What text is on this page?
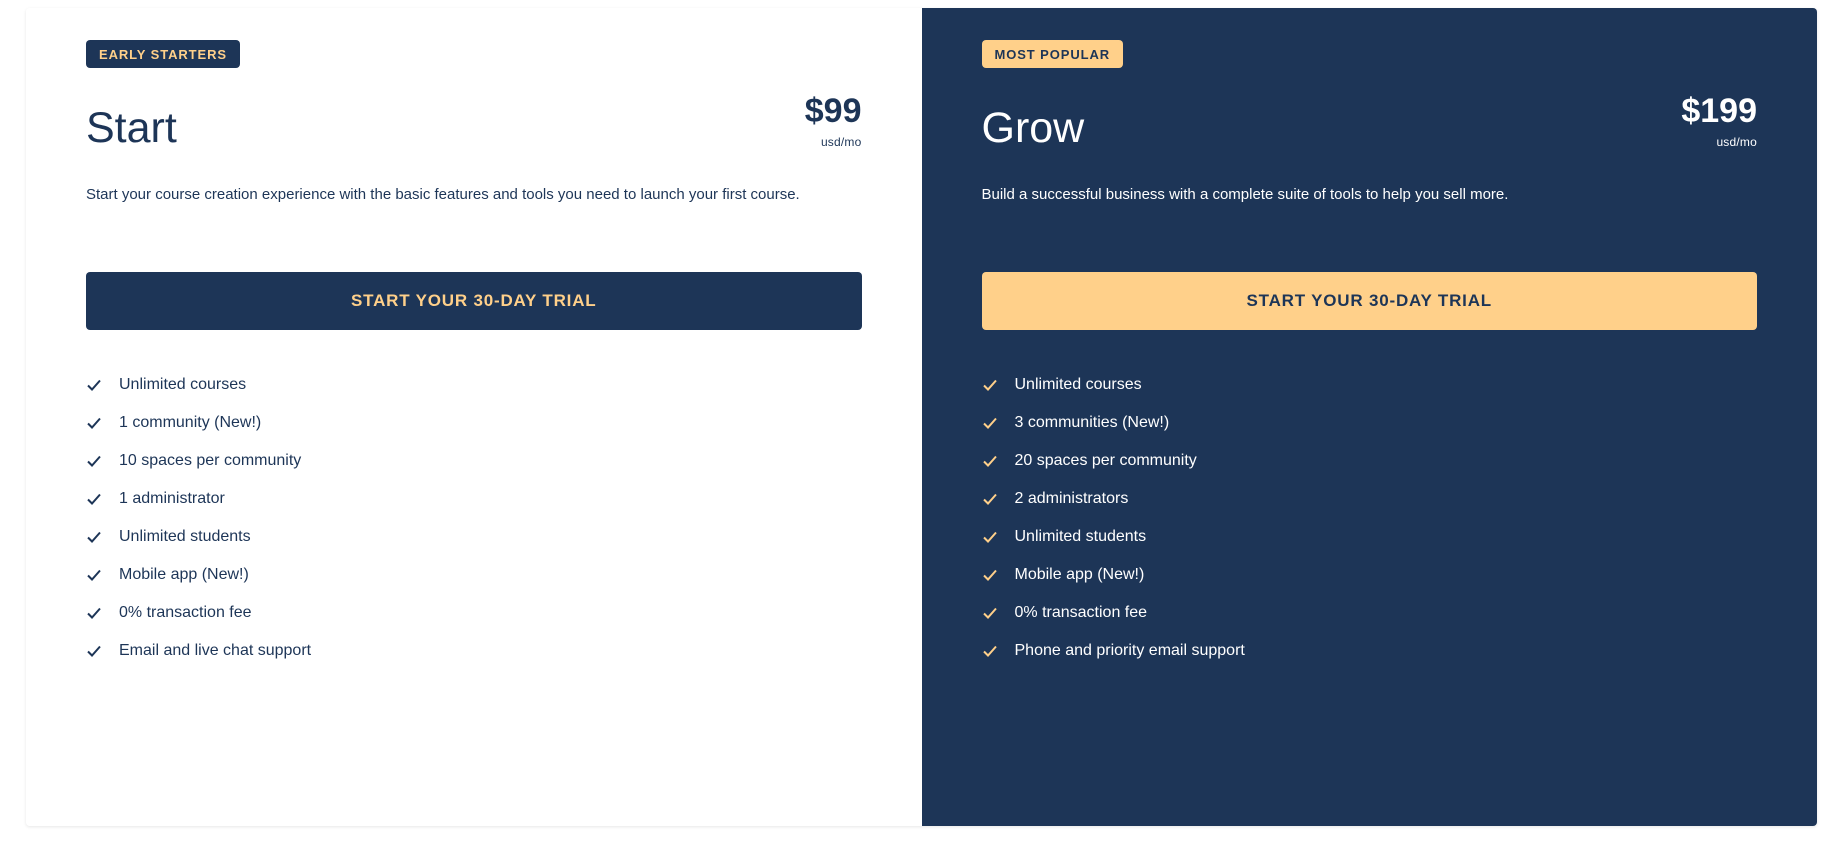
EARLY STARTERS
Start	$99
usd/mo

Start your course creation experience with the basic features and tools you need to launch your first course.

START YOUR 30-DAY TRIAL
Unlimited courses
1 community (New!)
10 spaces per community
1 administrator
Unlimited students
Mobile app (New!)
0% transaction fee
Email and live chat support
MOST POPULAR
Grow	$199
usd/mo

Build a successful business with a complete suite of tools to help you sell more.

START YOUR 30-DAY TRIAL
Unlimited courses
3 communities (New!)
20 spaces per community
2 administrators
Unlimited students
Mobile app (New!)
0% transaction fee
Phone and priority email support
